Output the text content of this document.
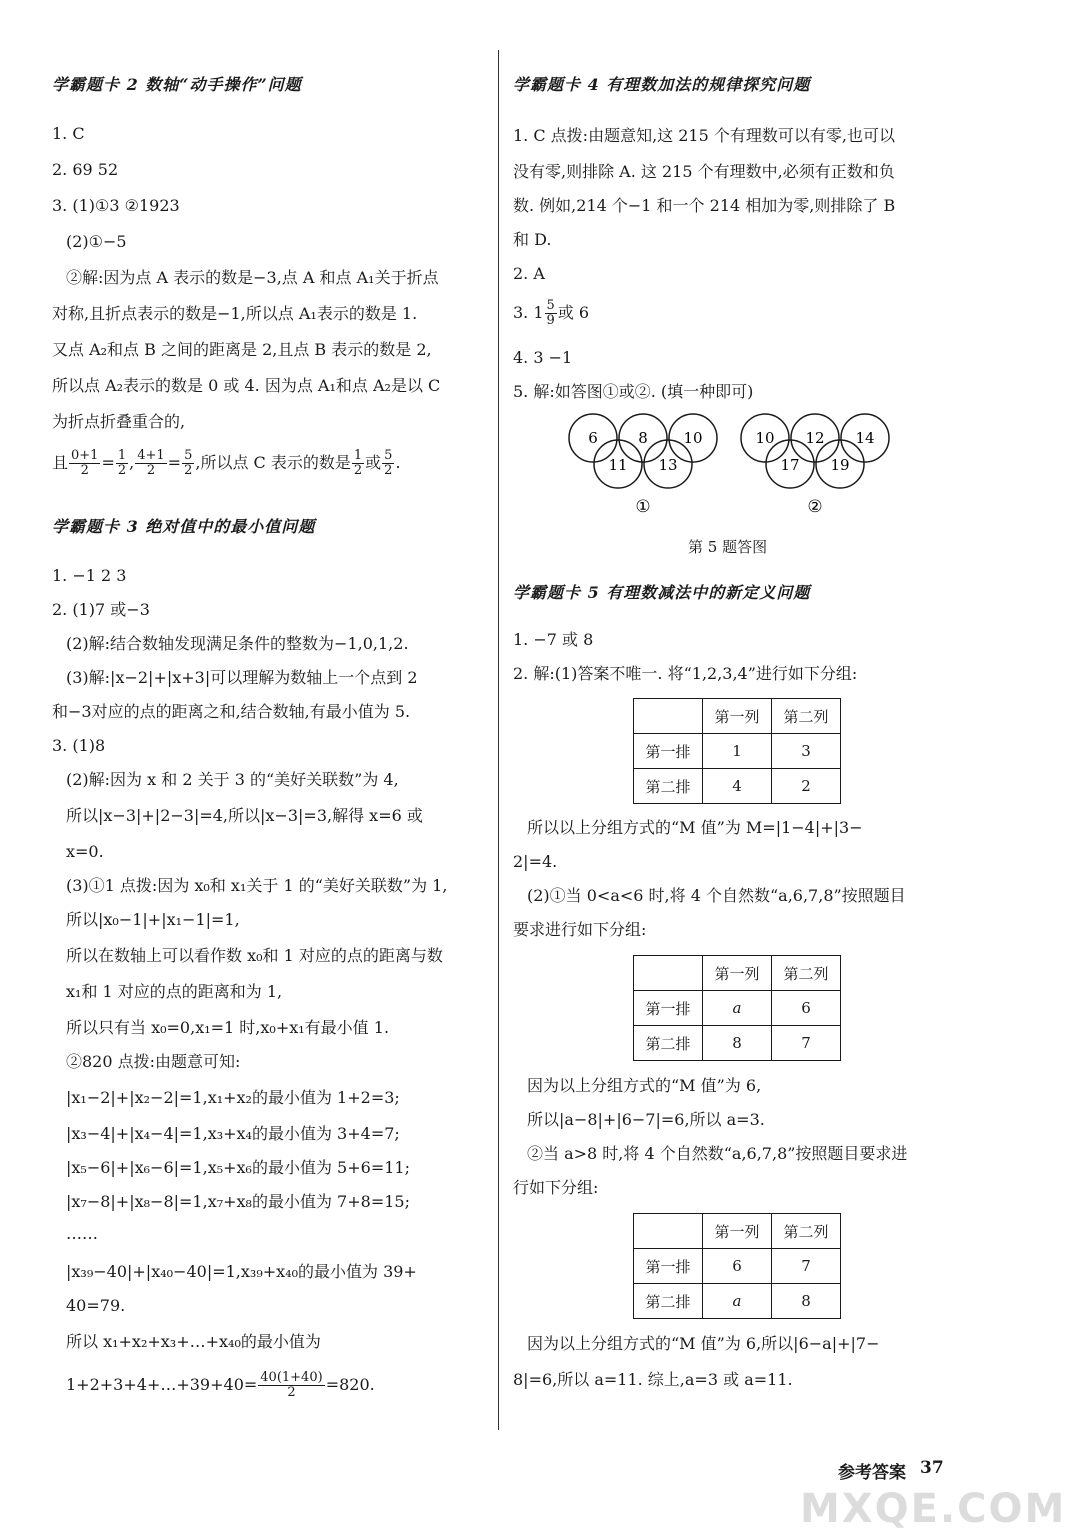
学霸题卡 2 数轴“动手操作”问题
1. C
2. 69 52
3. (1)①3 ②1923
(2)①−5
②解:因为点 A 表示的数是−3,点 A 和点 A₁关于折点
对称,且折点表示的数是−1,所以点 A₁表示的数是 1.
又点 A₂和点 B 之间的距离是 2,且点 B 表示的数是 2,
所以点 A₂表示的数是 0 或 4. 因为点 A₁和点 A₂是以 C
为折点折叠重合的,
且 $\frac{0+1}{2} = \frac{1}{2}$ , $\frac{4+1}{2} = \frac{5}{2}$ ,所以点 C 表示的数是 $\frac{1}{2}$ 或 $\frac{5}{2}$ .
学霸题卡 3 绝对值中的最小值问题
1. −1 2 3
2. (1)7 或−3
(2)解:结合数轴发现满足条件的整数为−1,0,1,2.
(3)解:|x−2|+|x+3|可以理解为数轴上一个点到 2
和−3对应的点的距离之和,结合数轴,有最小值为 5.
3. (1)8
(2)解:因为 x 和 2 关于 3 的“美好关联数”为 4,
所以|x−3|+|2−3|=4,所以|x−3|=3,解得 x=6 或
x=0.
(3)①1 点拨:因为 x₀和 x₁关于 1 的“美好关联数”为 1,
所以|x₀−1|+|x₁−1|=1,
所以在数轴上可以看作数 x₀和 1 对应的点的距离与数
x₁和 1 对应的点的距离和为 1,
所以只有当 x₀=0,x₁=1 时,x₀+x₁有最小值 1.
②820 点拨:由题意可知:
|x₁−2|+|x₂−2|=1,x₁+x₂的最小值为 1+2=3;
|x₃−4|+|x₄−4|=1,x₃+x₄的最小值为 3+4=7;
|x₅−6|+|x₆−6|=1,x₅+x₆的最小值为 5+6=11;
|x₇−8|+|x₈−8|=1,x₇+x₈的最小值为 7+8=15;
……
|x₃₉−40|+|x₄₀−40|=1,x₃₉+x₄₀的最小值为 39+
40=79.
所以 x₁+x₂+x₃+…+x₄₀的最小值为
1+2+3+4+…+39+40= $\frac{40(1+40)}{2} =820$.
学霸题卡 4 有理数加法的规律探究问题
1. C 点拨:由题意知,这 215 个有理数可以有零,也可以
没有零,则排除 A. 这 215 个有理数中,必须有正数和负
数. 例如,214 个−1 和一个 214 相加为零,则排除了 B
和 D.
2. A
3. $1 \frac{5}{9}$ 或 6
4. 3 −1
5. 解:如答图①或②. (填一种即可)
6	8 10
11 13
①
10 12 14
17 19
②
第 5 题答图
学霸题卡 5 有理数减法中的新定义问题
1. −7 或 8
2. 解:(1)答案不唯一. 将“1,2,3,4”进行如下分组:
	第一列	第二列
第一排	1	3
第二排	4	2
所以以上分组方式的“M 值”为 M=|1−4|+|3−
2|=4.
(2)①当 0<a<6 时,将 4 个自然数“a,6,7,8”按照题目
要求进行如下分组:
	第一列	第二列
第一排	a	6
第二排	8	7
因为以上分组方式的“M 值”为 6,
所以|a−8|+|6−7|=6,所以 a=3.
②当 a>8 时,将 4 个自然数“a,6,7,8”按照题目要求进
行如下分组:
	第一列	第二列
第一排	6	7
第二排	a	8
因为以上分组方式的“M 值”为 6,所以|6−a|+|7−
8|=6,所以 a=11. 综上,a=3 或 a=11.
参考答案 37
MXQE.COM
